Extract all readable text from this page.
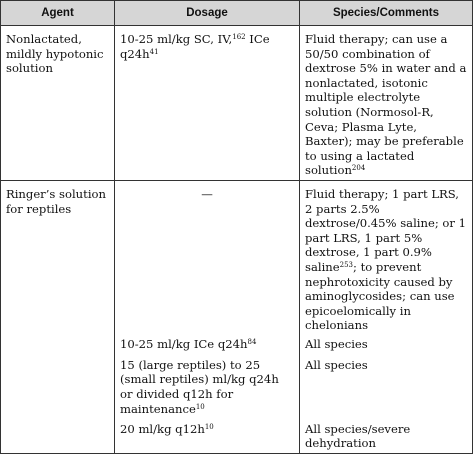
Agent	Dosage	Species/Comments
Nonlactated, mildly hypotonic solution	10-25 ml/kg SC, IV,$^{162}$ ICe $q24h^{41}$	Fluid therapy; can use a 50/50 combination of dextrose 5% in water and a nonlactated, isotonic multiple electrolyte solution (Normosol-R, Ceva; Plasma Lyte, Baxter); may be preferable to using a lactated solution$^{204}$
Ringer’s solution for reptiles	—	Fluid therapy; 1 part LRS, 2 parts 2.5% dextrose/0.45% saline; or 1 part LRS, 1 part 5% dextrose, 1 part 0.9% saline$^{253}$; to prevent nephrotoxicity caused by aminoglycosides; can use epicoelomically in chelonians
	10-25 ml/kg ICe $q24h^{84}$	All species
	15 (large reptiles) to 25 (small reptiles) ml/kg q24h or divided q12h for maintenance$^{10}$	All species
	20 ml/kg $q12h^{10}$	All species/severe dehydration
